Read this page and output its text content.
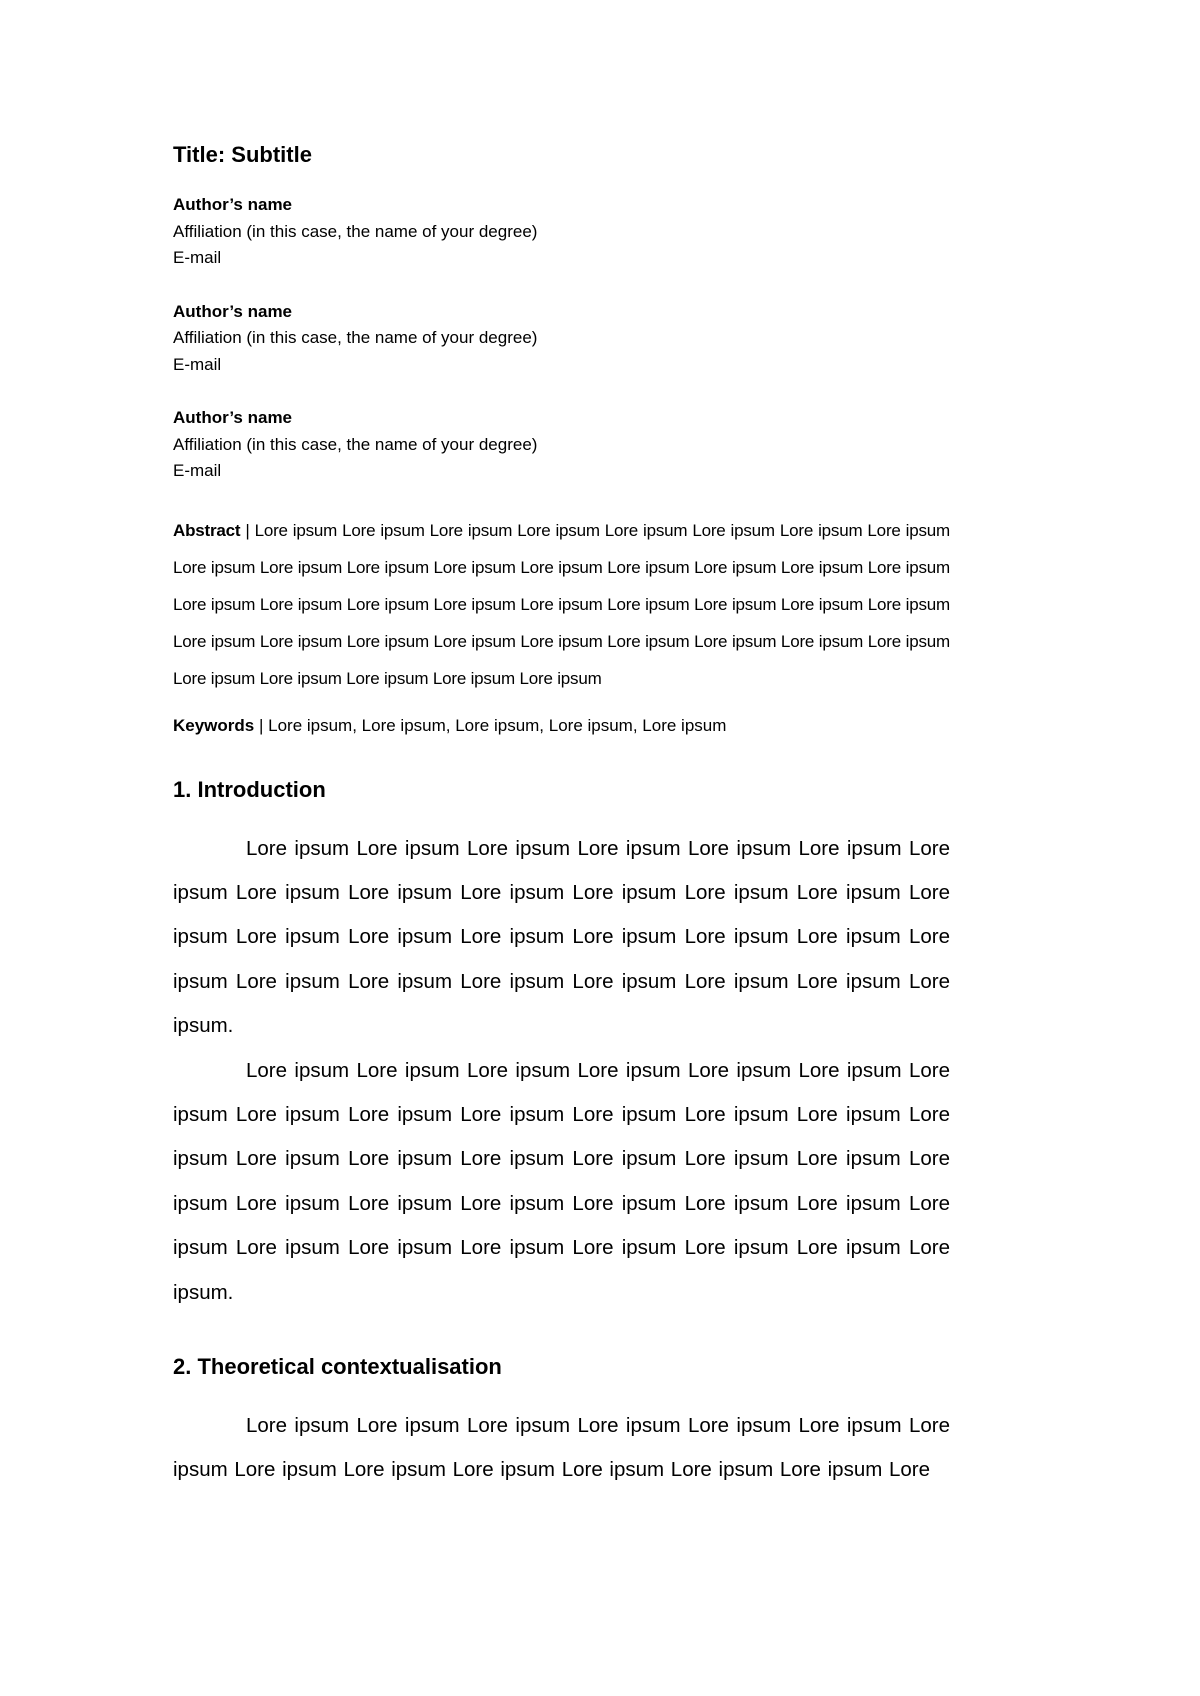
Title: Subtitle
Author’s name
Affiliation (in this case, the name of your degree)
E-mail
Author’s name
Affiliation (in this case, the name of your degree)
E-mail
Author’s name
Affiliation (in this case, the name of your degree)
E-mail

Abstract | Lore ipsum Lore ipsum Lore ipsum Lore ipsum Lore ipsum Lore ipsum Lore ipsum Lore ipsum Lore ipsum Lore ipsum Lore ipsum Lore ipsum Lore ipsum Lore ipsum Lore ipsum Lore ipsum Lore ipsum Lore ipsum Lore ipsum Lore ipsum Lore ipsum Lore ipsum Lore ipsum Lore ipsum Lore ipsum Lore ipsum Lore ipsum Lore ipsum Lore ipsum Lore ipsum Lore ipsum Lore ipsum Lore ipsum Lore ipsum Lore ipsum Lore ipsum Lore ipsum Lore ipsum Lore ipsum Lore ipsum

Keywords | Lore ipsum, Lore ipsum, Lore ipsum, Lore ipsum, Lore ipsum

1. Introduction

Lore ipsum Lore ipsum Lore ipsum Lore ipsum Lore ipsum Lore ipsum Lore ipsum Lore ipsum Lore ipsum Lore ipsum Lore ipsum Lore ipsum Lore ipsum Lore ipsum Lore ipsum Lore ipsum Lore ipsum Lore ipsum Lore ipsum Lore ipsum Lore ipsum Lore ipsum Lore ipsum Lore ipsum Lore ipsum Lore ipsum Lore ipsum Lore ipsum.

Lore ipsum Lore ipsum Lore ipsum Lore ipsum Lore ipsum Lore ipsum Lore ipsum Lore ipsum Lore ipsum Lore ipsum Lore ipsum Lore ipsum Lore ipsum Lore ipsum Lore ipsum Lore ipsum Lore ipsum Lore ipsum Lore ipsum Lore ipsum Lore ipsum Lore ipsum Lore ipsum Lore ipsum Lore ipsum Lore ipsum Lore ipsum Lore ipsum Lore ipsum Lore ipsum Lore ipsum Lore ipsum Lore ipsum Lore ipsum Lore ipsum.

2. Theoretical contextualisation

Lore ipsum Lore ipsum Lore ipsum Lore ipsum Lore ipsum Lore ipsum Lore ipsum Lore ipsum Lore ipsum Lore ipsum Lore ipsum Lore ipsum Lore ipsum Lore
